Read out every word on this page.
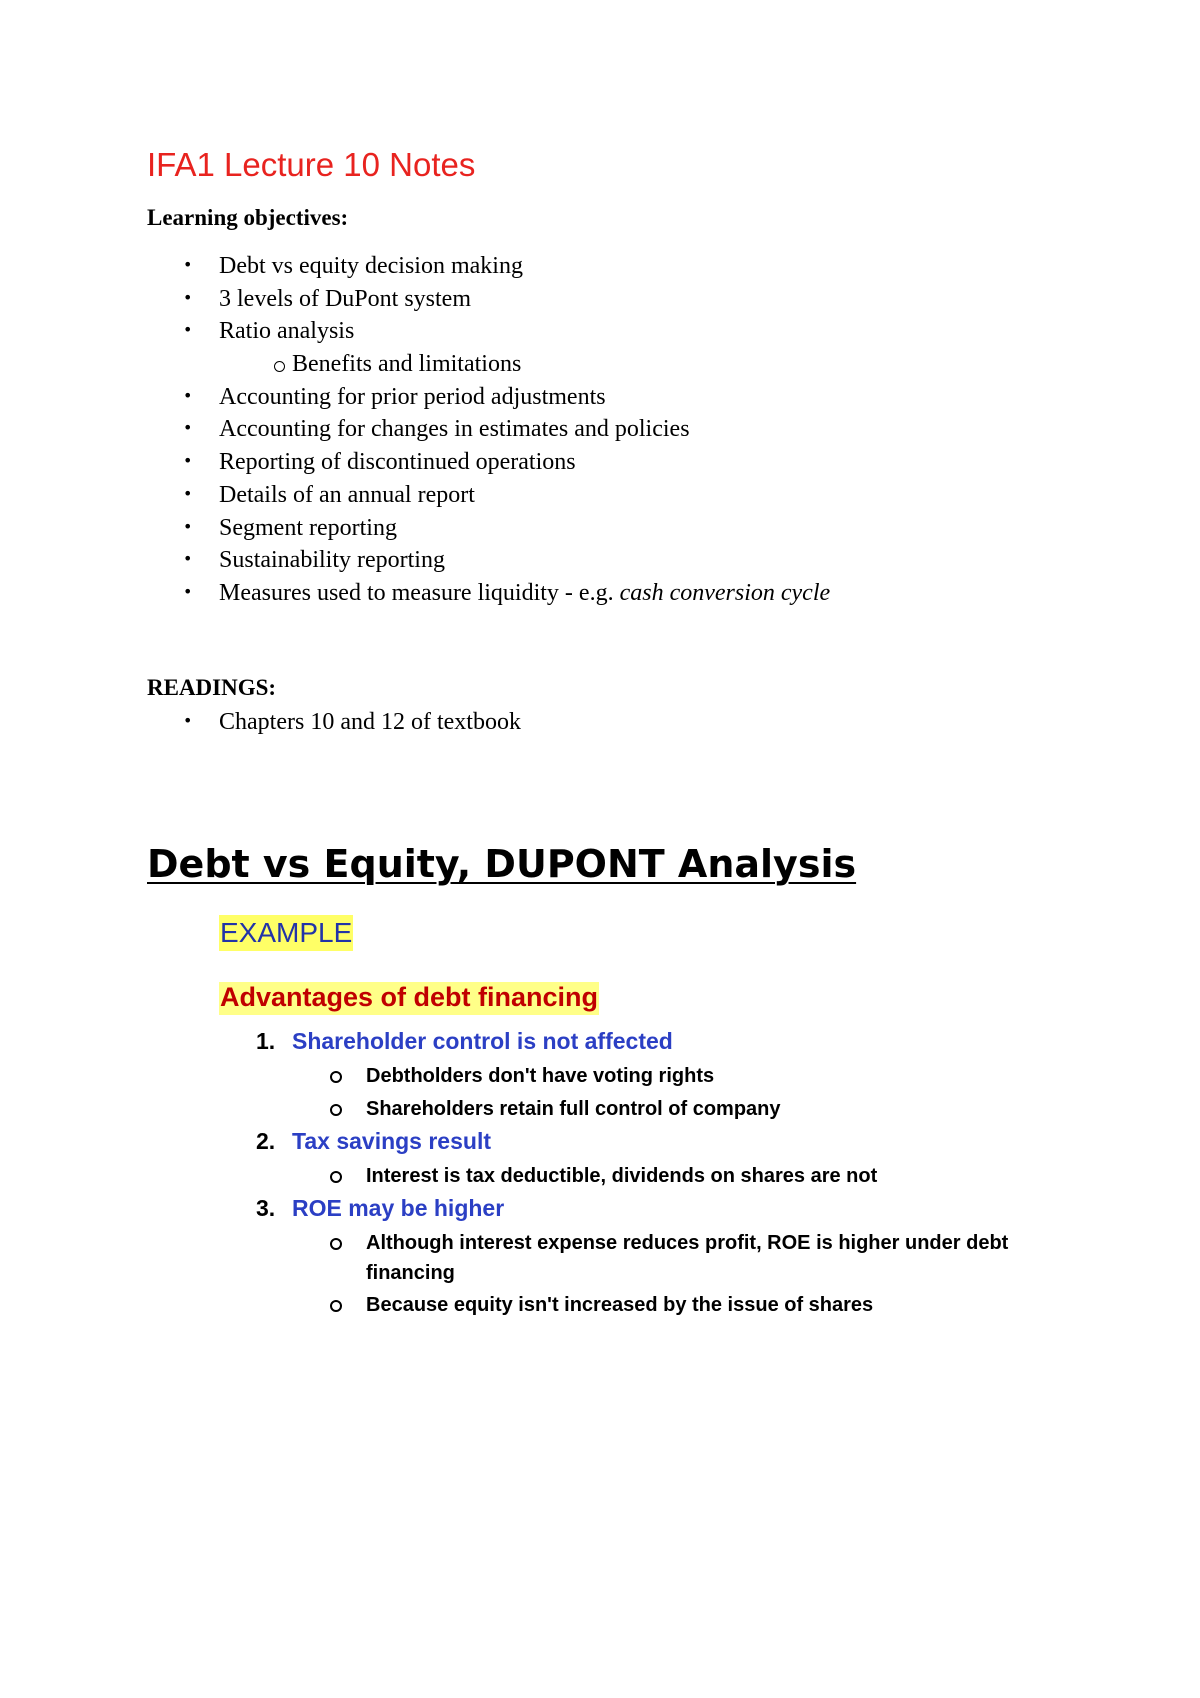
IFA1 Lecture 10 Notes
Learning objectives:
• Debt vs equity decision making
• 3 levels of DuPont system
• Ratio analysis
Benefits and limitations
• Accounting for prior period adjustments
• Accounting for changes in estimates and policies
• Reporting of discontinued operations
• Details of an annual report
• Segment reporting
• Sustainability reporting
• Measures used to measure liquidity - e.g. cash conversion cycle
READINGS:
• Chapters 10 and 12 of textbook
Debt vs Equity, DUPONT Analysis
EXAMPLE
Advantages of debt financing
1. Shareholder control is not affected
Debtholders don't have voting rights
Shareholders retain full control of company
2. Tax savings result
Interest is tax deductible, dividends on shares are not
3. ROE may be higher
Although interest expense reduces profit, ROE is higher under debt financing
Because equity isn't increased by the issue of shares
